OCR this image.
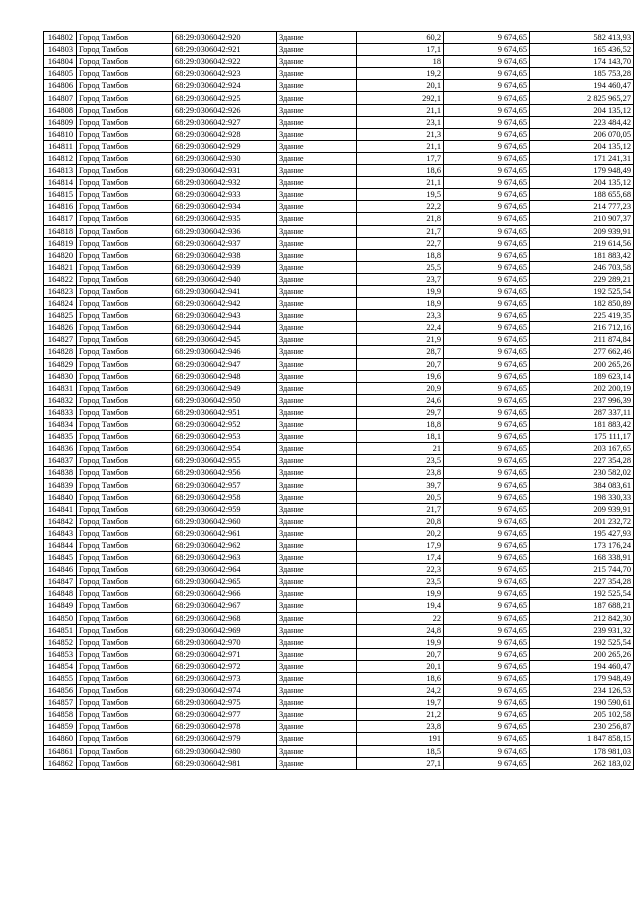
164802	Город Тамбов	68:29:0306042:920	Здание	60,2	9 674,65	582 413,93
164803	Город Тамбов	68:29:0306042:921	Здание	17,1	9 674,65	165 436,52
164804	Город Тамбов	68:29:0306042:922	Здание	18	9 674,65	174 143,70
164805	Город Тамбов	68:29:0306042:923	Здание	19,2	9 674,65	185 753,28
164806	Город Тамбов	68:29:0306042:924	Здание	20,1	9 674,65	194 460,47
164807	Город Тамбов	68:29:0306042:925	Здание	292,1	9 674,65	2 825 965,27
164808	Город Тамбов	68:29:0306042:926	Здание	21,1	9 674,65	204 135,12
164809	Город Тамбов	68:29:0306042:927	Здание	23,1	9 674,65	223 484,42
164810	Город Тамбов	68:29:0306042:928	Здание	21,3	9 674,65	206 070,05
164811	Город Тамбов	68:29:0306042:929	Здание	21,1	9 674,65	204 135,12
164812	Город Тамбов	68:29:0306042:930	Здание	17,7	9 674,65	171 241,31
164813	Город Тамбов	68:29:0306042:931	Здание	18,6	9 674,65	179 948,49
164814	Город Тамбов	68:29:0306042:932	Здание	21,1	9 674,65	204 135,12
164815	Город Тамбов	68:29:0306042:933	Здание	19,5	9 674,65	188 655,68
164816	Город Тамбов	68:29:0306042:934	Здание	22,2	9 674,65	214 777,23
164817	Город Тамбов	68:29:0306042:935	Здание	21,8	9 674,65	210 907,37
164818	Город Тамбов	68:29:0306042:936	Здание	21,7	9 674,65	209 939,91
164819	Город Тамбов	68:29:0306042:937	Здание	22,7	9 674,65	219 614,56
164820	Город Тамбов	68:29:0306042:938	Здание	18,8	9 674,65	181 883,42
164821	Город Тамбов	68:29:0306042:939	Здание	25,5	9 674,65	246 703,58
164822	Город Тамбов	68:29:0306042:940	Здание	23,7	9 674,65	229 289,21
164823	Город Тамбов	68:29:0306042:941	Здание	19,9	9 674,65	192 525,54
164824	Город Тамбов	68:29:0306042:942	Здание	18,9	9 674,65	182 850,89
164825	Город Тамбов	68:29:0306042:943	Здание	23,3	9 674,65	225 419,35
164826	Город Тамбов	68:29:0306042:944	Здание	22,4	9 674,65	216 712,16
164827	Город Тамбов	68:29:0306042:945	Здание	21,9	9 674,65	211 874,84
164828	Город Тамбов	68:29:0306042:946	Здание	28,7	9 674,65	277 662,46
164829	Город Тамбов	68:29:0306042:947	Здание	20,7	9 674,65	200 265,26
164830	Город Тамбов	68:29:0306042:948	Здание	19,6	9 674,65	189 623,14
164831	Город Тамбов	68:29:0306042:949	Здание	20,9	9 674,65	202 200,19
164832	Город Тамбов	68:29:0306042:950	Здание	24,6	9 674,65	237 996,39
164833	Город Тамбов	68:29:0306042:951	Здание	29,7	9 674,65	287 337,11
164834	Город Тамбов	68:29:0306042:952	Здание	18,8	9 674,65	181 883,42
164835	Город Тамбов	68:29:0306042:953	Здание	18,1	9 674,65	175 111,17
164836	Город Тамбов	68:29:0306042:954	Здание	21	9 674,65	203 167,65
164837	Город Тамбов	68:29:0306042:955	Здание	23,5	9 674,65	227 354,28
164838	Город Тамбов	68:29:0306042:956	Здание	23,8	9 674,65	230 582,02
164839	Город Тамбов	68:29:0306042:957	Здание	39,7	9 674,65	384 083,61
164840	Город Тамбов	68:29:0306042:958	Здание	20,5	9 674,65	198 330,33
164841	Город Тамбов	68:29:0306042:959	Здание	21,7	9 674,65	209 939,91
164842	Город Тамбов	68:29:0306042:960	Здание	20,8	9 674,65	201 232,72
164843	Город Тамбов	68:29:0306042:961	Здание	20,2	9 674,65	195 427,93
164844	Город Тамбов	68:29:0306042:962	Здание	17,9	9 674,65	173 176,24
164845	Город Тамбов	68:29:0306042:963	Здание	17,4	9 674,65	168 338,91
164846	Город Тамбов	68:29:0306042:964	Здание	22,3	9 674,65	215 744,70
164847	Город Тамбов	68:29:0306042:965	Здание	23,5	9 674,65	227 354,28
164848	Город Тамбов	68:29:0306042:966	Здание	19,9	9 674,65	192 525,54
164849	Город Тамбов	68:29:0306042:967	Здание	19,4	9 674,65	187 688,21
164850	Город Тамбов	68:29:0306042:968	Здание	22	9 674,65	212 842,30
164851	Город Тамбов	68:29:0306042:969	Здание	24,8	9 674,65	239 931,32
164852	Город Тамбов	68:29:0306042:970	Здание	19,9	9 674,65	192 525,54
164853	Город Тамбов	68:29:0306042:971	Здание	20,7	9 674,65	200 265,26
164854	Город Тамбов	68:29:0306042:972	Здание	20,1	9 674,65	194 460,47
164855	Город Тамбов	68:29:0306042:973	Здание	18,6	9 674,65	179 948,49
164856	Город Тамбов	68:29:0306042:974	Здание	24,2	9 674,65	234 126,53
164857	Город Тамбов	68:29:0306042:975	Здание	19,7	9 674,65	190 590,61
164858	Город Тамбов	68:29:0306042:977	Здание	21,2	9 674,65	205 102,58
164859	Город Тамбов	68:29:0306042:978	Здание	23,8	9 674,65	230 256,87
164860	Город Тамбов	68:29:0306042:979	Здание	191	9 674,65	1 847 858,15
164861	Город Тамбов	68:29:0306042:980	Здание	18,5	9 674,65	178 981,03
164862	Город Тамбов	68:29:0306042:981	Здание	27,1	9 674,65	262 183,02
